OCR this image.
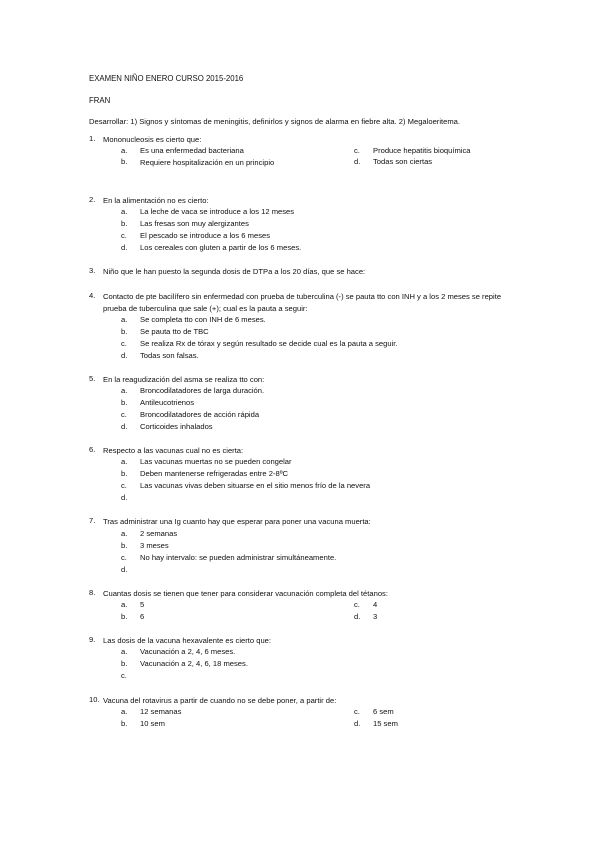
EXAMEN NIÑO ENERO CURSO 2015-2016
FRAN
Desarrollar: 1) Signos y síntomas de meningitis, definirlos y signos de alarma en fiebre alta. 2) Megaloeritema.
1. Mononucleosis es cierto que:
a. Es una enfermedad bacteriana
b. Requiere hospitalización en un principio
c. Produce hepatitis bioquímica
d. Todas son ciertas
2. En la alimentación no es cierto:
a. La leche de vaca se introduce a los 12 meses
b. Las fresas son muy alergizantes
c. El pescado se introduce a los 6 meses
d. Los cereales con gluten a partir de los 6 meses.
3. Niño que le han puesto la segunda dosis de DTPa a los 20 días, que se hace:
4. Contacto de pte bacilífero sin enfermedad con prueba de tuberculina (-) se pauta tto con INH y a los 2 meses se repite prueba de tuberculina que sale (+); cual es la pauta a seguir:
a. Se completa tto con INH de 6 meses.
b. Se pauta tto de TBC
c. Se realiza Rx de tórax y según resultado se decide cual es la pauta a seguir.
d. Todas son falsas.
5. En la reagudización del asma se realiza tto con:
a. Broncodilatadores de larga duración.
b. Antileucotrienos
c. Broncodilatadores de acción rápida
d. Corticoides inhalados
6. Respecto a las vacunas cual no es cierta:
a. Las vacunas muertas no se pueden congelar
b. Deben mantenerse refrigeradas entre 2-8ºC
c. Las vacunas vivas deben situarse en el sitio menos frío de la nevera
d.
7. Tras administrar una Ig cuanto hay que esperar para poner una vacuna muerta:
a. 2 semanas
b. 3 meses
c. No hay intervalo: se pueden administrar simultáneamente.
d.
8. Cuantas dosis se tienen que tener para considerar vacunación completa del tétanos:
a. 5
b. 6
c. 4
d. 3
9. Las dosis de la vacuna hexavalente es cierto que:
a. Vacunación a 2, 4, 6 meses.
b. Vacunación a 2, 4, 6, 18 meses.
c.
10. Vacuna del rotavirus a partir de cuando no se debe poner, a partir de:
a. 12 semanas
b. 10 sem
c. 6 sem
d. 15 sem
